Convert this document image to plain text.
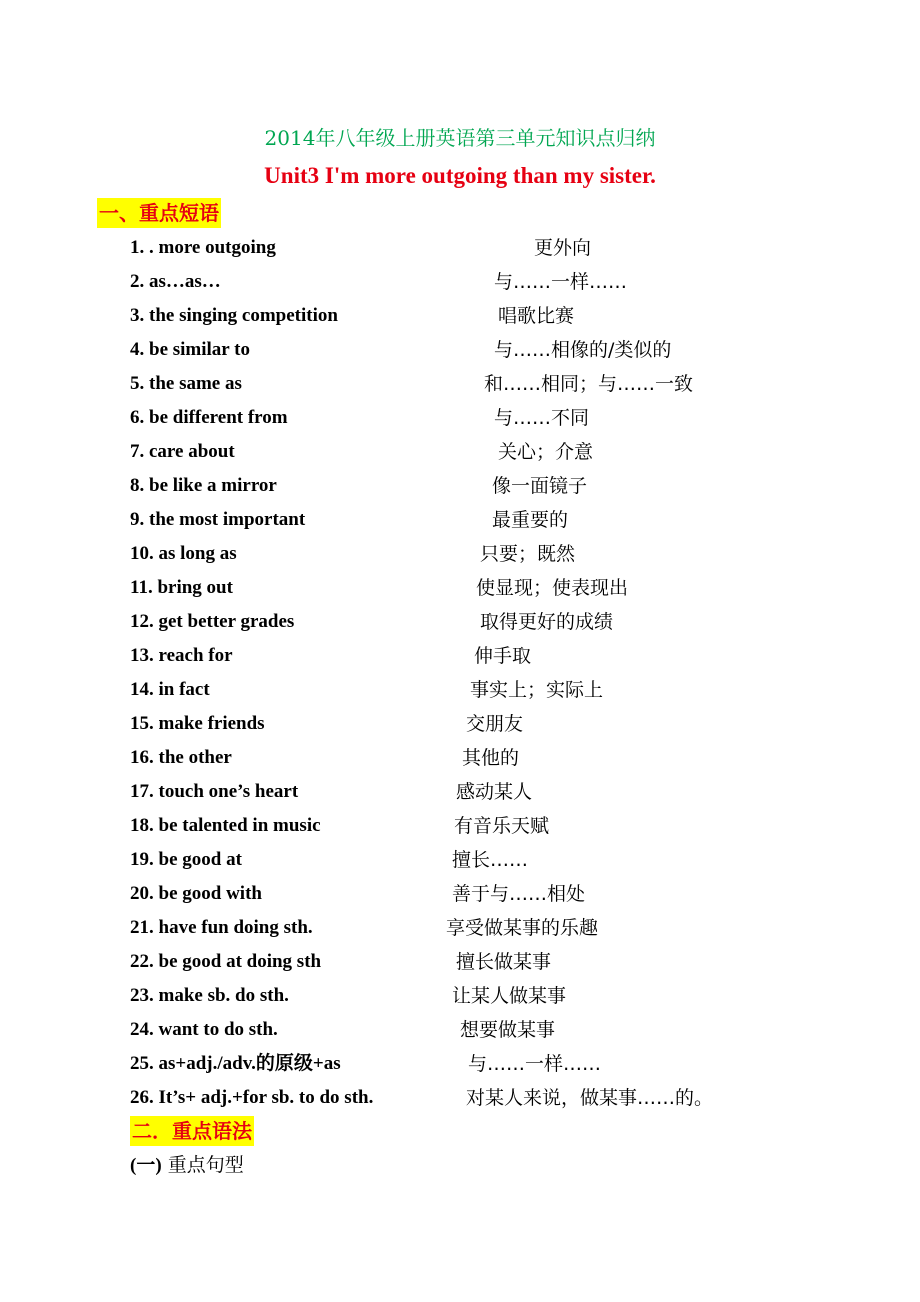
2014年八年级上册英语第三单元知识点归纳
Unit3 I'm more outgoing than my sister.
一、重点短语
1. . more outgoing	更外向
2. as…as…	与……一样……
3. the singing competition	唱歌比赛
4. be similar to	与……相像的/类似的
5. the same as	和……相同；与……一致
6. be different from	与……不同
7. care about	关心；介意
8. be like a mirror	像一面镜子
9. the most important	最重要的
10. as long as	只要；既然
11. bring out	使显现；使表现出
12. get better grades	取得更好的成绩
13. reach for	伸手取
14. in fact	事实上；实际上
15. make friends	交朋友
16. the other	其他的
17. touch one’s heart	感动某人
18. be talented in music	有音乐天赋
19. be good at	擅长……
20. be good with	善于与……相处
21. have fun doing sth.	享受做某事的乐趣
22. be good at doing sth	擅长做某事
23. make sb. do sth.	让某人做某事
24. want to do sth.	想要做某事
25. as+adj./adv.的原级+as	与……一样……
26. It’s+ adj.+for sb. to do sth.	对某人来说，做某事……的。
二．重点语法
(一) 重点句型
